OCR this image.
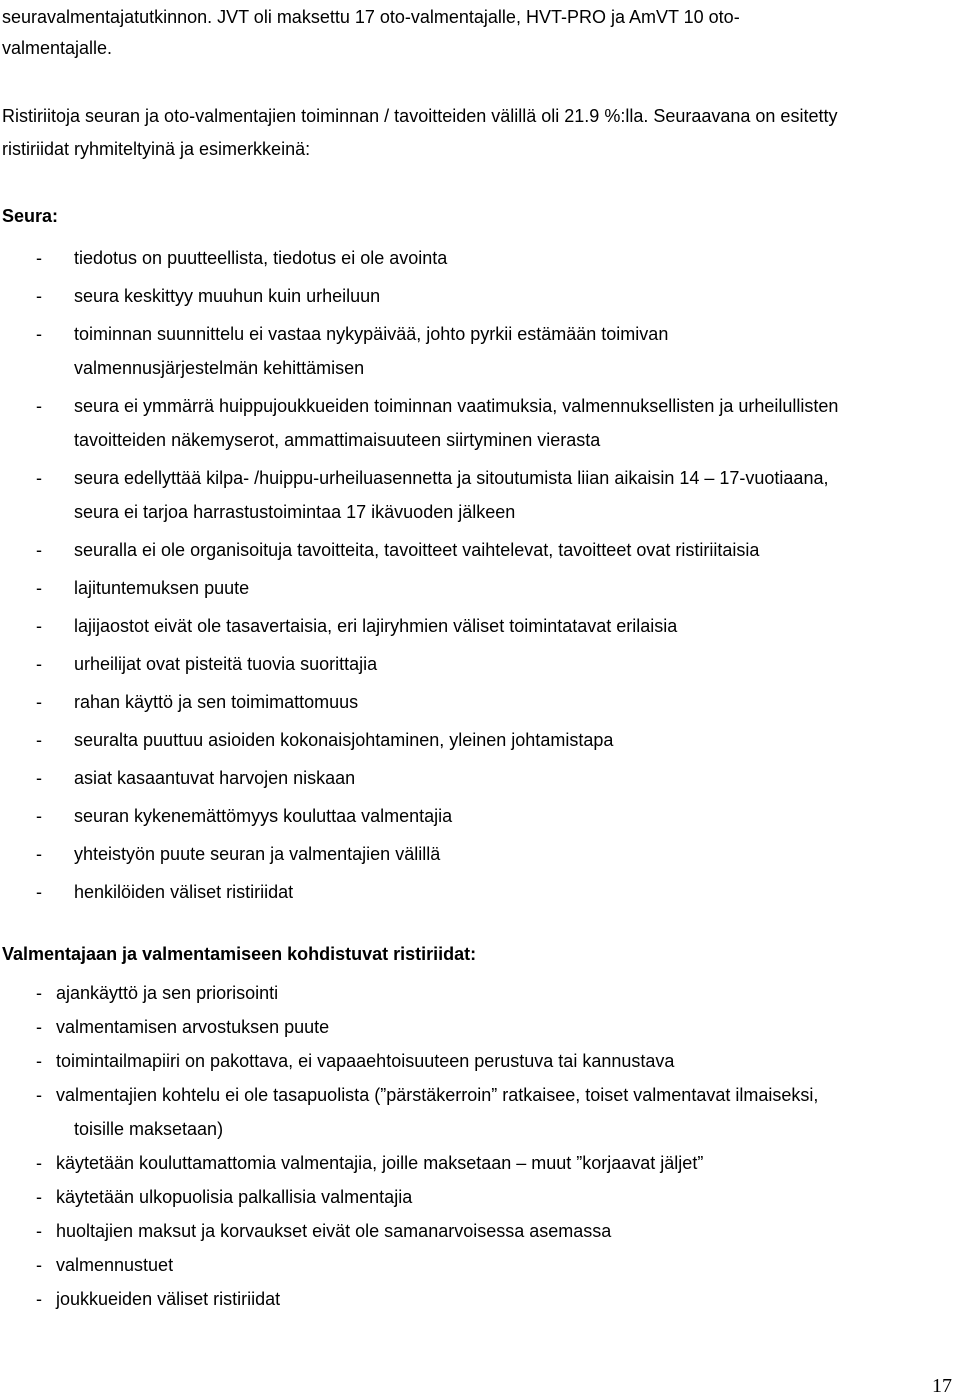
seuravalmentajatutkinnon. JVT oli maksettu 17 oto-valmentajalle, HVT-PRO ja AmVT 10 oto-
valmentajalle.

Ristiriitoja seuran ja oto-valmentajien toiminnan / tavoitteiden välillä oli 21.9 %:lla. Seuraavana on esitetty
ristiriidat ryhmiteltyinä ja esimerkkeinä:

Seura:
- tiedotus on puutteellista, tiedotus ei ole avointa
- seura keskittyy muuhun kuin urheiluun
- toiminnan suunnittelu ei vastaa nykypäivää, johto pyrkii estämään toimivan
valmennusjärjestelmän kehittämisen
- seura ei ymmärrä huippujoukkueiden toiminnan vaatimuksia, valmennuksellisten ja urheilullisten
tavoitteiden näkemyserot, ammattimaisuuteen siirtyminen vierasta
- seura edellyttää kilpa- /huippu-urheiluasennetta ja sitoutumista liian aikaisin 14 – 17-vuotiaana,
seura ei tarjoa harrastustoimintaa 17 ikävuoden jälkeen
- seuralla ei ole organisoituja tavoitteita, tavoitteet vaihtelevat, tavoitteet ovat ristiriitaisia
- lajituntemuksen puute
- lajijaostot eivät ole tasavertaisia, eri lajiryhmien väliset toimintatavat erilaisia
- urheilijat ovat pisteitä tuovia suorittajia
- rahan käyttö ja sen toimimattomuus
- seuralta puuttuu asioiden kokonaisjohtaminen, yleinen johtamistapa
- asiat kasaantuvat harvojen niskaan
- seuran kykenemättömyys kouluttaa valmentajia
- yhteistyön puute seuran ja valmentajien välillä
- henkilöiden väliset ristiriidat
Valmentajaan ja valmentamiseen kohdistuvat ristiriidat:
- ajankäyttö ja sen priorisointi
- valmentamisen arvostuksen puute
- toimintailmapiiri on pakottava, ei vapaaehtoisuuteen perustuva tai kannustava
- valmentajien kohtelu ei ole tasapuolista (”pärstäkerroin” ratkaisee, toiset valmentavat ilmaiseksi,
toisille maksetaan)
- käytetään kouluttamattomia valmentajia, joille maksetaan – muut ”korjaavat jäljet”
- käytetään ulkopuolisia palkallisia valmentajia
- huoltajien maksut ja korvaukset eivät ole samanarvoisessa asemassa
- valmennustuet
- joukkueiden väliset ristiriidat
17
